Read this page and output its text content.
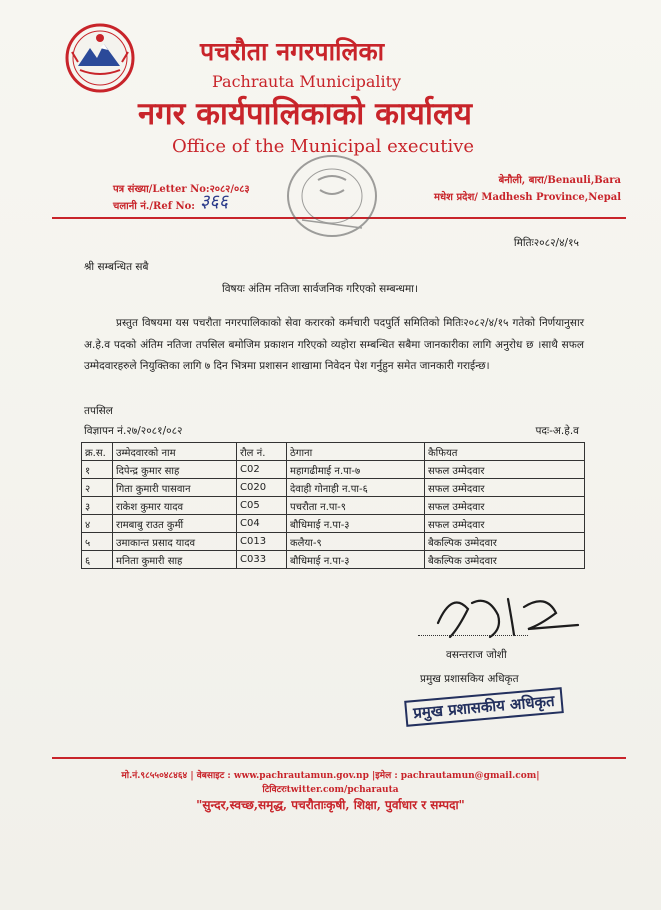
पचरौता नगरपालिका
Pachrauta Municipality
नगर कार्यपालिकाको कार्यालय
Office of the Municipal executive
पत्र संख्या/Letter No:२०८२/०८३
चलानी नं./Ref No: ३६६
बेनौली, बारा/Benauli,Bara
मधेश प्रदेश/ Madhesh Province,Nepal
मितिः२०८२/४/१५
श्री सम्बन्धित सबै
विषयः अंतिम नतिजा सार्वजनिक गरिएको सम्बन्धमा।
प्रस्तुत विषयमा यस पचरौता नगरपालिकाको सेवा करारको कर्मचारी पदपुर्ति समितिको मितिः२०८२/४/१५ गतेको निर्णयानुसार अ.हे.व पदको अंतिम नतिजा तपसिल बमोजिम प्रकाशन गरिएको व्यहोरा सम्बन्धित सबैमा जानकारीका लागि अनुरोध छ ।साथै सफल उम्मेदवारहरुले नियुक्तिका लागि ७ दिन भित्रमा प्रशासन शाखामा निवेदन पेश गर्नुहुन समेत जानकारी गराईन्छ।
तपसिल
विज्ञापन नं.२७/२०८१/०८२	पदः-अ.हे.व
क्र.स.	उम्मेदवारको नाम	रौल नं.	ठेगाना	कैफियत
१	दिपेन्द्र कुमार साह	C02	महागढीमाई न.पा-७	सफल उम्मेदवार
२	गिता कुमारी पासवान	C020	देवाही गोनाही न.पा-६	सफल उम्मेदवार
३	राकेश कुमार यादव	C05	पचरौता न.पा-९	सफल उम्मेदवार
४	रामबाबु राउत कुर्मी	C04	बौधिमाई न.पा-३	सफल उम्मेदवार
५	उमाकान्त प्रसाद यादव	C013	कलैया-९	बैकल्पिक उम्मेदवार
६	मनिता कुमारी साह	C033	बौधिमाई न.पा-३	बैकल्पिक उम्मेदवार
वसन्तराज जोशी
प्रमुख प्रशासकिय अधिकृत
प्रमुख प्रशासकीय अधिकृत
मो.नं.९८५५०४८४६४ | वेबसाइट : www.pachrautamun.gov.np |इमेल : pachrautamun@gmail.com|
टिविटरःtwitter.com/pcharauta
"सुन्दर,स्वच्छ,समृद्ध, पचरौताःकृषी, शिक्षा, पुर्वाधार र सम्पदा"
